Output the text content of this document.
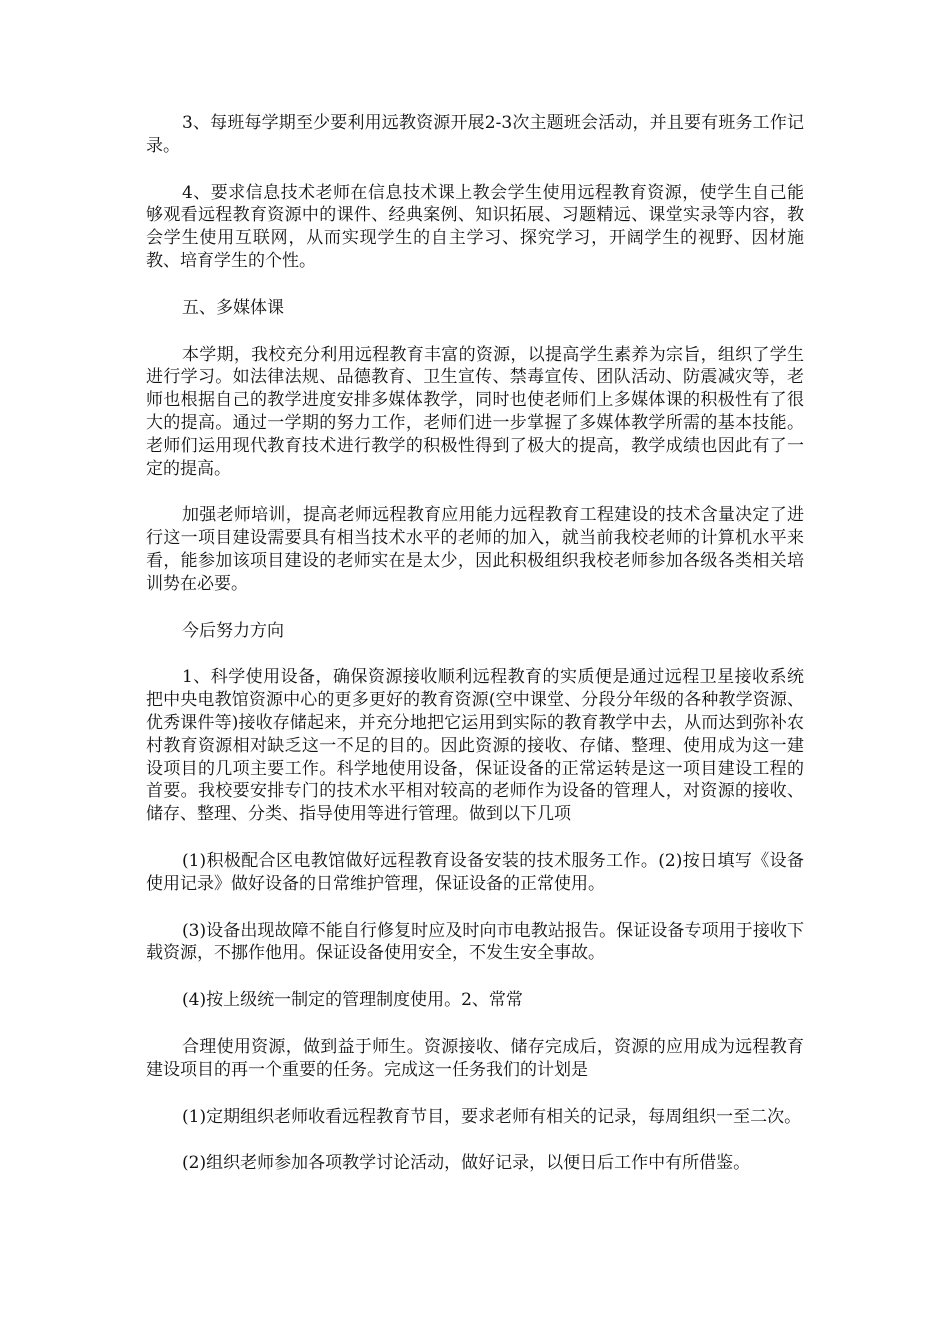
3、每班每学期至少要利用远教资源开展2-3次主题班会活动，并且要有班务工作记录。

4、要求信息技术老师在信息技术课上教会学生使用远程教育资源，使学生自己能够观看远程教育资源中的课件、经典案例、知识拓展、习题精远、课堂实录等内容，教会学生使用互联网，从而实现学生的自主学习、探究学习，开阔学生的视野、因材施教、培育学生的个性。

五、多媒体课

本学期，我校充分利用远程教育丰富的资源，以提高学生素养为宗旨，组织了学生进行学习。如法律法规、品德教育、卫生宣传、禁毒宣传、团队活动、防震减灾等，老师也根据自己的教学进度安排多媒体教学，同时也使老师们上多媒体课的积极性有了很大的提高。通过一学期的努力工作，老师们进一步掌握了多媒体教学所需的基本技能。老师们运用现代教育技术进行教学的积极性得到了极大的提高，教学成绩也因此有了一定的提高。

加强老师培训，提高老师远程教育应用能力远程教育工程建设的技术含量决定了进行这一项目建设需要具有相当技术水平的老师的加入，就当前我校老师的计算机水平来看，能参加该项目建设的老师实在是太少，因此积极组织我校老师参加各级各类相关培训势在必要。

今后努力方向

1、科学使用设备，确保资源接收顺利远程教育的实质便是通过远程卫星接收系统把中央电教馆资源中心的更多更好的教育资源(空中课堂、分段分年级的各种教学资源、优秀课件等)接收存储起来，并充分地把它运用到实际的教育教学中去，从而达到弥补农村教育资源相对缺乏这一不足的目的。因此资源的接收、存储、整理、使用成为这一建设项目的几项主要工作。科学地使用设备，保证设备的正常运转是这一项目建设工程的首要。我校要安排专门的技术水平相对较高的老师作为设备的管理人，对资源的接收、储存、整理、分类、指导使用等进行管理。做到以下几项

(1)积极配合区电教馆做好远程教育设备安装的技术服务工作。(2)按日填写《设备使用记录》做好设备的日常维护管理，保证设备的正常使用。

(3)设备出现故障不能自行修复时应及时向市电教站报告。保证设备专项用于接收下载资源，不挪作他用。保证设备使用安全，不发生安全事故。

(4)按上级统一制定的管理制度使用。2、常常

合理使用资源，做到益于师生。资源接收、储存完成后，资源的应用成为远程教育建设项目的再一个重要的任务。完成这一任务我们的计划是

(1)定期组织老师收看远程教育节目，要求老师有相关的记录，每周组织一至二次。

(2)组织老师参加各项教学讨论活动，做好记录，以便日后工作中有所借鉴。
